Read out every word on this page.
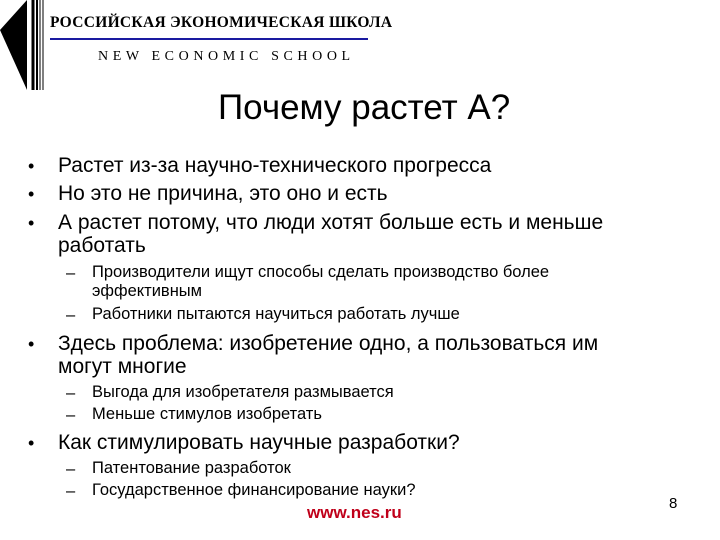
РОССИЙСКАЯ ЭКОНОМИЧЕСКАЯ ШКОЛА
NEW ECONOMIC SCHOOL
Почему растет А?
• Растет из-за научно-технического прогресса
• Но это не причина, это оно и есть
• А растет потому, что люди хотят больше есть и меньше
работать
– Производители ищут способы сделать производство более
эффективным
– Работники пытаются научиться работать лучше
• Здесь проблема: изобретение одно, а пользоваться им
могут многие
– Выгода для изобретателя размывается
– Меньше стимулов изобретать
• Как стимулировать научные разработки?
– Патентование разработок
– Государственное финансирование науки?
www.nes.ru	8
